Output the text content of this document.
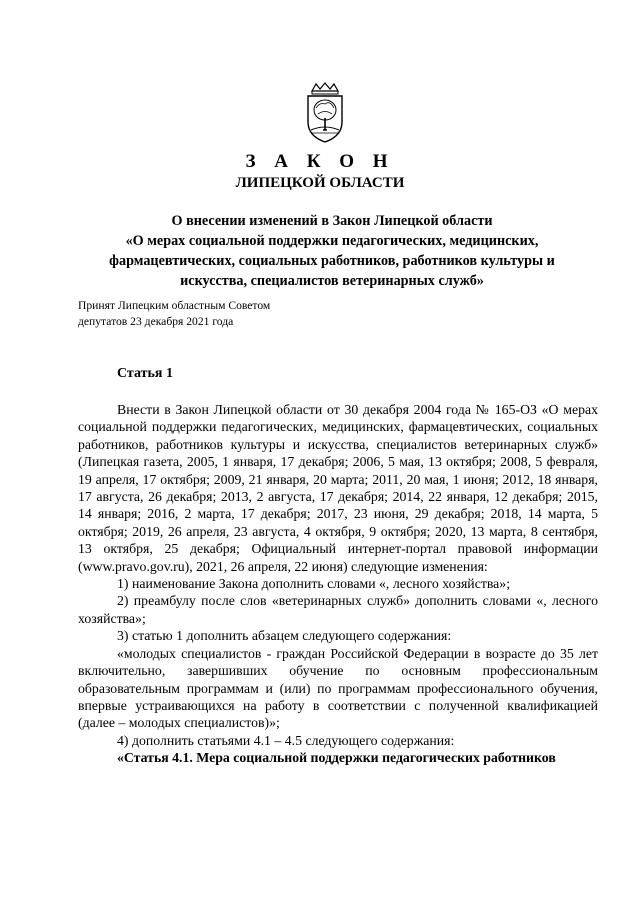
З А К О Н
ЛИПЕЦКОЙ ОБЛАСТИ
О внесении изменений в Закон Липецкой области
«О мерах социальной поддержки педагогических, медицинских,
фармацевтических, социальных работников, работников культуры и
искусства, специалистов ветеринарных служб»
Принят Липецким областным Советом
депутатов 23 декабря 2021 года
Статья 1

Внести в Закон Липецкой области от 30 декабря 2004 года № 165-ОЗ «О мерах социальной поддержки педагогических, медицинских, фармацевтических, социальных работников, работников культуры и искусства, специалистов ветеринарных служб» (Липецкая газета, 2005, 1 января, 17 декабря; 2006, 5 мая, 13 октября; 2008, 5 февраля, 19 апреля, 17 октября; 2009, 21 января, 20 марта; 2011, 20 мая, 1 июня; 2012, 18 января, 17 августа, 26 декабря; 2013, 2 августа, 17 декабря; 2014, 22 января, 12 декабря; 2015, 14 января; 2016, 2 марта, 17 декабря; 2017, 23 июня, 29 декабря; 2018, 14 марта, 5 октября; 2019, 26 апреля, 23 августа, 4 октября, 9 октября; 2020, 13 марта, 8 сентября, 13 октября, 25 декабря; Официальный интернет-портал правовой информации (www.pravo.gov.ru), 2021, 26 апреля, 22 июня) следующие изменения:

1) наименование Закона дополнить словами «, лесного хозяйства»;

2) преамбулу после слов «ветеринарных служб» дополнить словами «, лесного хозяйства»;

3) статью 1 дополнить абзацем следующего содержания:

«молодых специалистов - граждан Российской Федерации в возрасте до 35 лет включительно, завершивших обучение по основным профессиональным образовательным программам и (или) по программам профессионального обучения, впервые устраивающихся на работу в соответствии с полученной квалификацией (далее – молодых специалистов)»;

4) дополнить статьями 4.1 – 4.5 следующего содержания:

«Статья 4.1. Мера социальной поддержки педагогических работников
